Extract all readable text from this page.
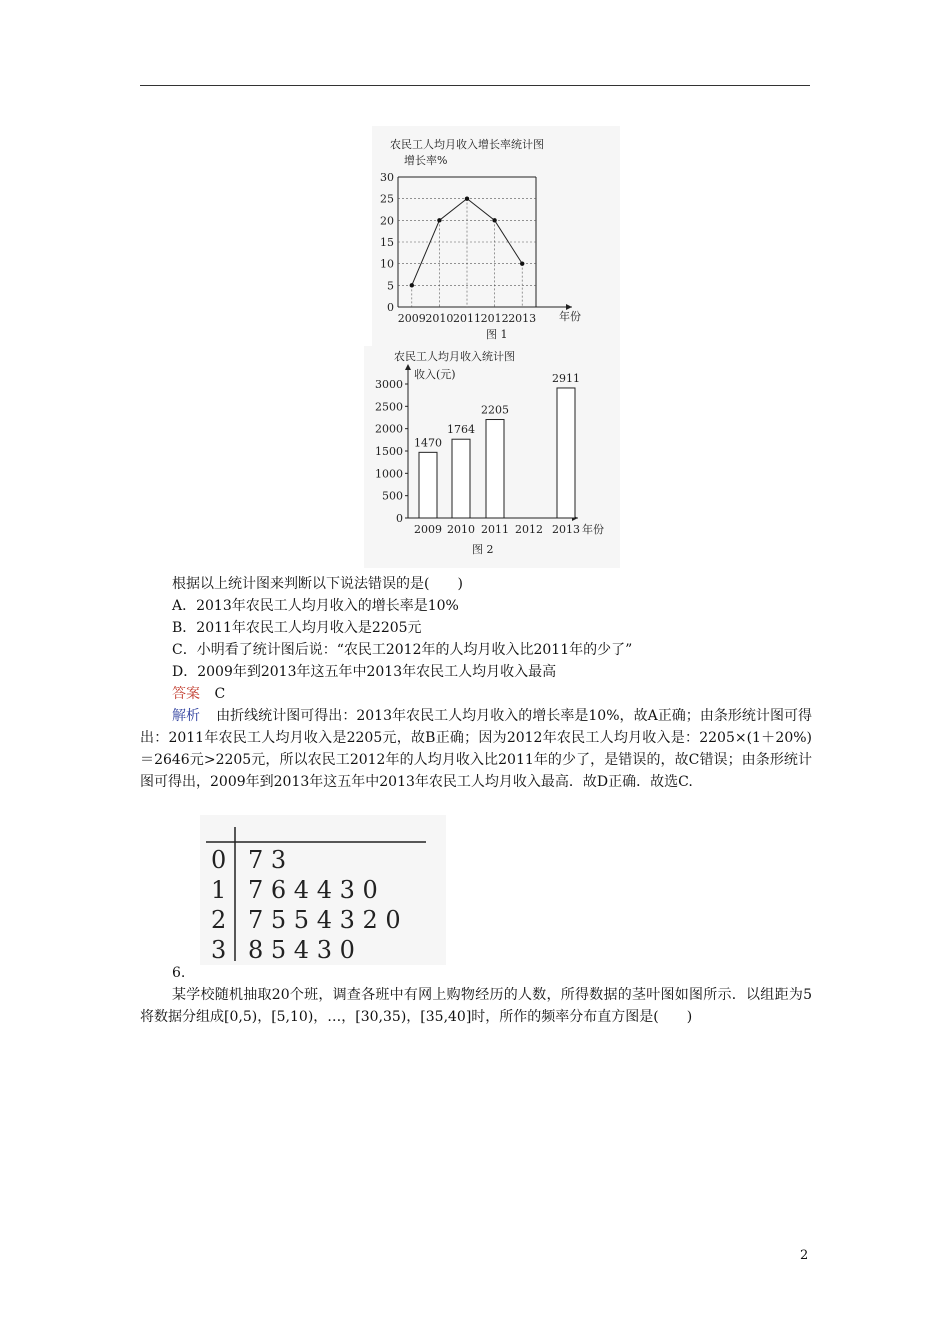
农民工人均月收入增长率统计图
增长率%
年份
图 1
0
5
10
15
20
25
30
2009 2010 2011 2012 2013
农民工人均月收入统计图
收入(元)
年份
图 2
0
500
1000
1500
2000
2500
3000
2009
1470
2010
1764
2011
2205
2012 2013
2911
根据以上统计图来判断以下说法错误的是(　　)
A．2013年农民工人均月收入的增长率是10%
B．2011年农民工人均月收入是2205元
C．小明看了统计图后说：“农民工2012年的人均月收入比2011年的少了”
D．2009年到2013年这五年中2013年农民工人均月收入最高
答案 C
解析 由折线统计图可得出：2013年农民工人均月收入的增长率是10%，故A正确；由条形统计图可得出：2011年农民工人均月收入是2205元，故B正确；因为2012年农民工人均月收入是：2205×(1＋20%)＝2646元>2205元，所以农民工2012年的人均月收入比2011年的少了，是错误的，故C错误；由条形统计图可得出，2009年到2013年这五年中2013年农民工人均月收入最高．故D正确．故选C.
0 7 3
1 7 6 4 4 3 0
2 7 5 5 4 3 2 0
3 8 5 4 3 0
6.
某学校随机抽取20个班，调查各班中有网上购物经历的人数，所得数据的茎叶图如图所示．以组距为5将数据分组成[0,5)，[5,10)，…，[30,35)，[35,40]时，所作的频率分布直方图是(　　)
2
